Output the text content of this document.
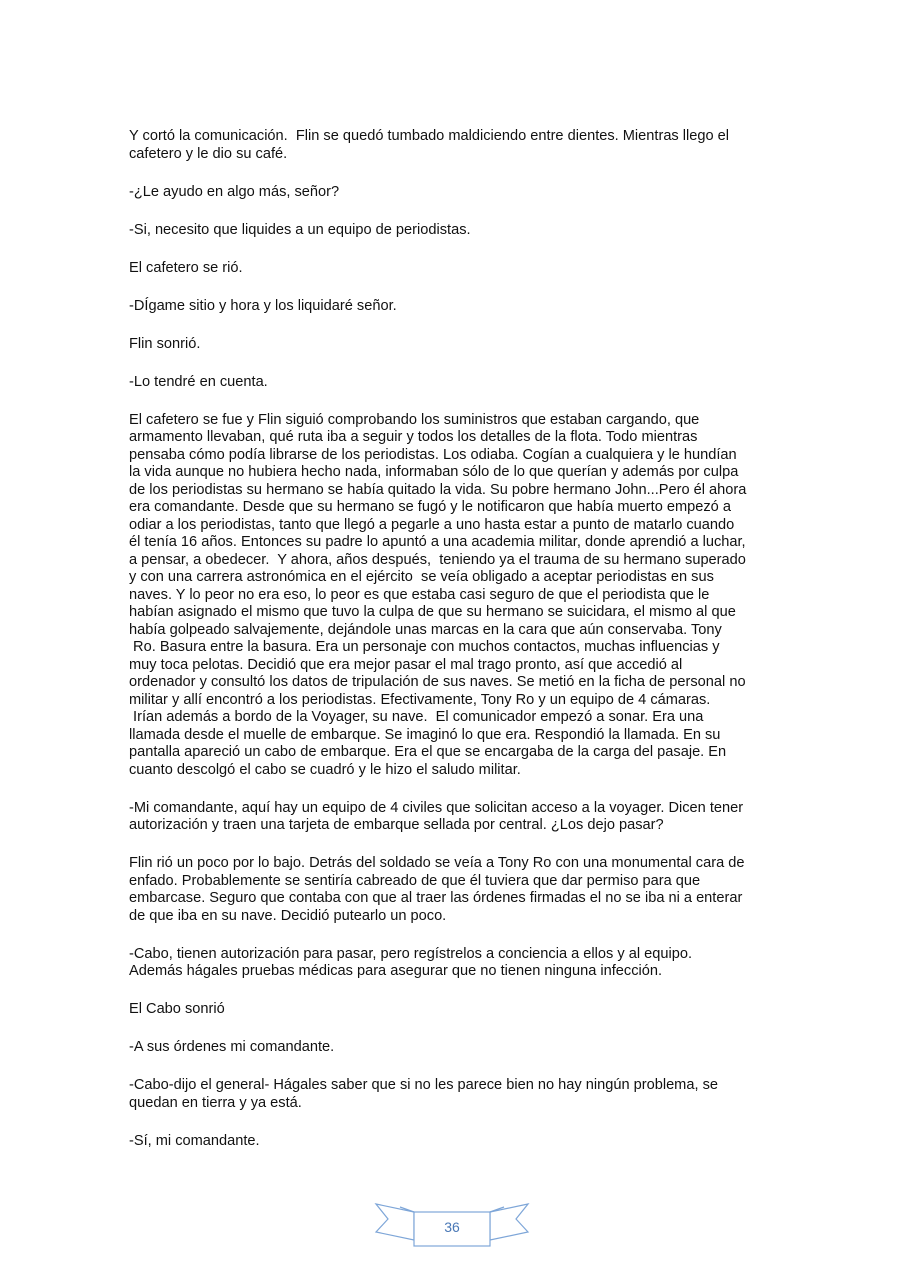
Y cortó la comunicación.  Flin se quedó tumbado maldiciendo entre dientes. Mientras llego el
cafetero y le dio su café.
-¿Le ayudo en algo más, señor?
-Si, necesito que liquides a un equipo de periodistas.
El cafetero se rió.
-DÍgame sitio y hora y los liquidaré señor.
Flin sonrió.
-Lo tendré en cuenta.
El cafetero se fue y Flin siguió comprobando los suministros que estaban cargando, que
armamento llevaban, qué ruta iba a seguir y todos los detalles de la flota. Todo mientras
pensaba cómo podía librarse de los periodistas. Los odiaba. Cogían a cualquiera y le hundían
la vida aunque no hubiera hecho nada, informaban sólo de lo que querían y además por culpa
de los periodistas su hermano se había quitado la vida. Su pobre hermano John...Pero él ahora
era comandante. Desde que su hermano se fugó y le notificaron que había muerto empezó a
odiar a los periodistas, tanto que llegó a pegarle a uno hasta estar a punto de matarlo cuando
él tenía 16 años. Entonces su padre lo apuntó a una academia militar, donde aprendió a luchar,
a pensar, a obedecer.  Y ahora, años después,  teniendo ya el trauma de su hermano superado
y con una carrera astronómica en el ejército  se veía obligado a aceptar periodistas en sus
naves. Y lo peor no era eso, lo peor es que estaba casi seguro de que el periodista que le
habían asignado el mismo que tuvo la culpa de que su hermano se suicidara, el mismo al que
había golpeado salvajemente, dejándole unas marcas en la cara que aún conservaba. Tony
Ro. Basura entre la basura. Era un personaje con muchos contactos, muchas influencias y
muy toca pelotas. Decidió que era mejor pasar el mal trago pronto, así que accedió al
ordenador y consultó los datos de tripulación de sus naves. Se metió en la ficha de personal no
militar y allí encontró a los periodistas. Efectivamente, Tony Ro y un equipo de 4 cámaras.
Irían además a bordo de la Voyager, su nave.  El comunicador empezó a sonar. Era una
llamada desde el muelle de embarque. Se imaginó lo que era. Respondió la llamada. En su
pantalla apareció un cabo de embarque. Era el que se encargaba de la carga del pasaje. En
cuanto descolgó el cabo se cuadró y le hizo el saludo militar.
-Mi comandante, aquí hay un equipo de 4 civiles que solicitan acceso a la voyager. Dicen tener
autorización y traen una tarjeta de embarque sellada por central. ¿Los dejo pasar?
Flin rió un poco por lo bajo. Detrás del soldado se veía a Tony Ro con una monumental cara de
enfado. Probablemente se sentiría cabreado de que él tuviera que dar permiso para que
embarcase. Seguro que contaba con que al traer las órdenes firmadas el no se iba ni a enterar
de que iba en su nave. Decidió putearlo un poco.
-Cabo, tienen autorización para pasar, pero regístrelos a conciencia a ellos y al equipo.
Además hágales pruebas médicas para asegurar que no tienen ninguna infección.
El Cabo sonrió
-A sus órdenes mi comandante.
-Cabo-dijo el general- Hágales saber que si no les parece bien no hay ningún problema, se
quedan en tierra y ya está.
-Sí, mi comandante.
36
